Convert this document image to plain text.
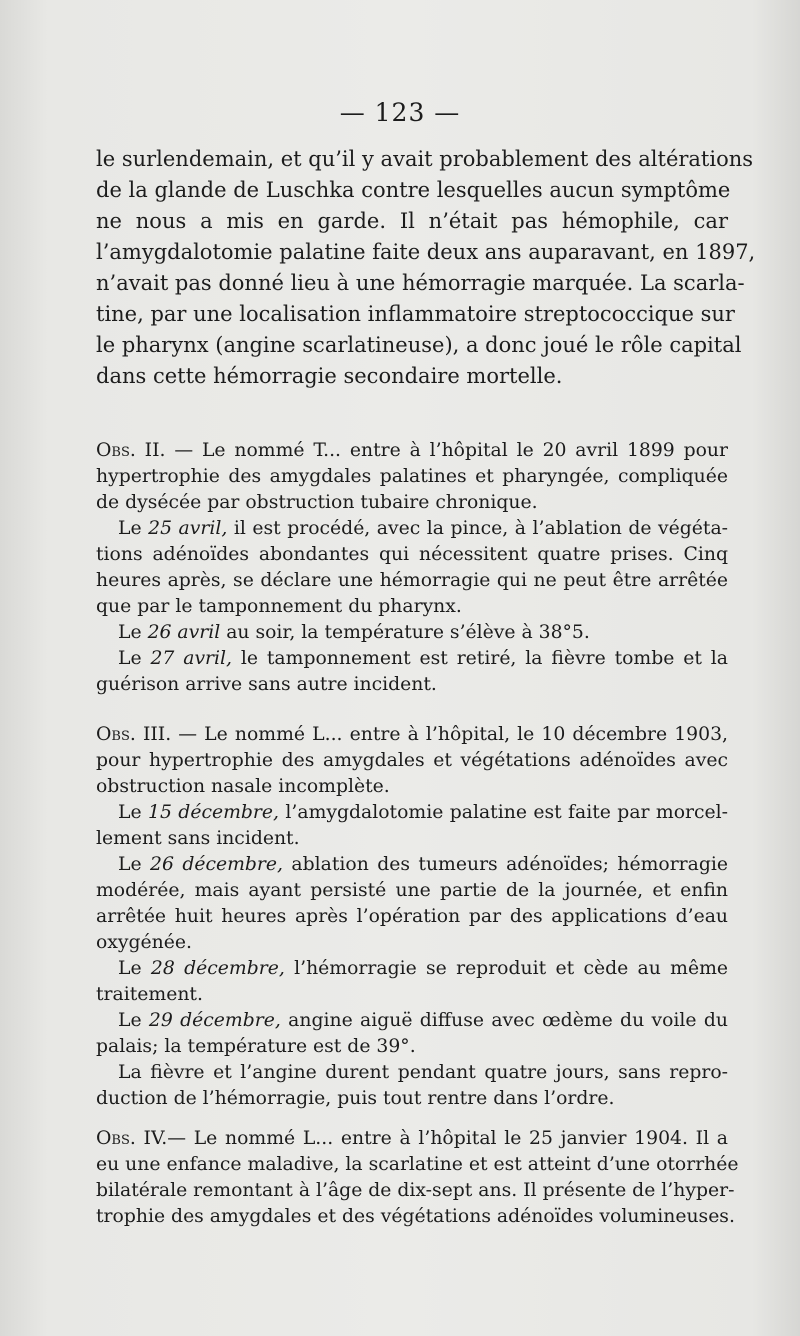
— 123 —
le surlendemain, et qu’il y avait probablement des altérations
de la glande de Luschka contre lesquelles aucun symptôme
ne nous a mis en garde. Il n’était pas hémophile, car
l’amygdalotomie palatine faite deux ans auparavant, en 1897,
n’avait pas donné lieu à une hémorragie marquée. La scarla-
tine, par une localisation inflammatoire streptococcique sur
le pharynx (angine scarlatineuse), a donc joué le rôle capital
dans cette hémorragie secondaire mortelle.
Obs. II. — Le nommé T... entre à l’hôpital le 20 avril 1899 pour
hypertrophie des amygdales palatines et pharyngée, compliquée
de dysécée par obstruction tubaire chronique.
Le 25 avril, il est procédé, avec la pince, à l’ablation de végéta-
tions adénoïdes abondantes qui nécessitent quatre prises. Cinq
heures après, se déclare une hémorragie qui ne peut être arrêtée
que par le tamponnement du pharynx.
Le 26 avril au soir, la température s’élève à 38°5.
Le 27 avril, le tamponnement est retiré, la fièvre tombe et la
guérison arrive sans autre incident.
Obs. III. — Le nommé L... entre à l’hôpital, le 10 décembre 1903,
pour hypertrophie des amygdales et végétations adénoïdes avec
obstruction nasale incomplète.
Le 15 décembre, l’amygdalotomie palatine est faite par morcel-
lement sans incident.
Le 26 décembre, ablation des tumeurs adénoïdes; hémorragie
modérée, mais ayant persisté une partie de la journée, et enfin
arrêtée huit heures après l’opération par des applications d’eau
oxygénée.
Le 28 décembre, l’hémorragie se reproduit et cède au même
traitement.
Le 29 décembre, angine aiguë diffuse avec œdème du voile du
palais; la température est de 39°.
La fièvre et l’angine durent pendant quatre jours, sans repro-
duction de l’hémorragie, puis tout rentre dans l’ordre.
Obs. IV.— Le nommé L... entre à l’hôpital le 25 janvier 1904. Il a
eu une enfance maladive, la scarlatine et est atteint d’une otorrhée
bilatérale remontant à l’âge de dix-sept ans. Il présente de l’hyper-
trophie des amygdales et des végétations adénoïdes volumineuses.
